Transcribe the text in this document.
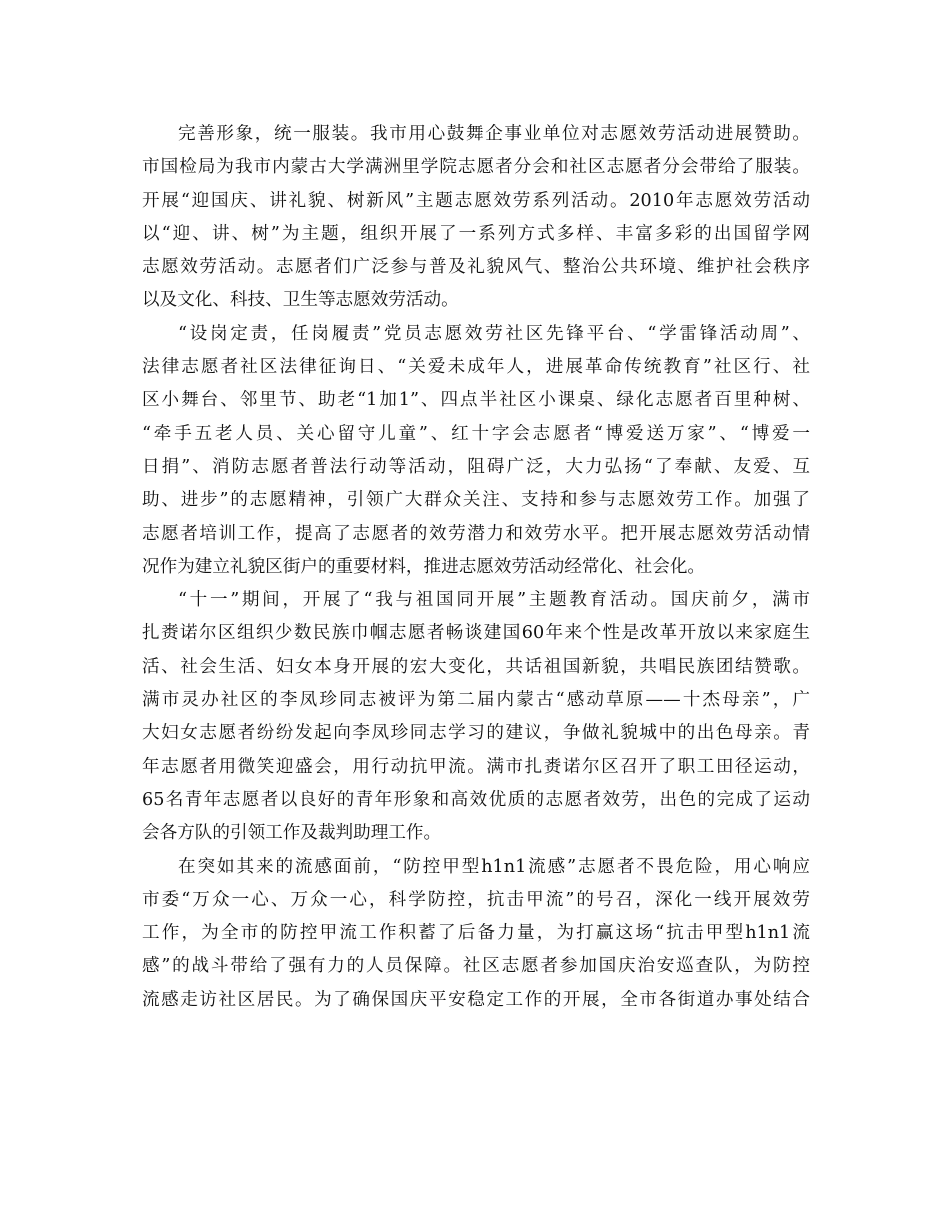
完善形象，统一服装。我市用心鼓舞企事业单位对志愿效劳活动进展赞助。
市国检局为我市内蒙古大学满洲里学院志愿者分会和社区志愿者分会带给了服装。
开展“迎国庆、讲礼貌、树新风”主题志愿效劳系列活动。2010年志愿效劳活动
以“迎、讲、树”为主题，组织开展了一系列方式多样、丰富多彩的出国留学网
志愿效劳活动。志愿者们广泛参与普及礼貌风气、整治公共环境、维护社会秩序
以及文化、科技、卫生等志愿效劳活动。
“设岗定责，任岗履责”党员志愿效劳社区先锋平台、“学雷锋活动周”、
法律志愿者社区法律征询日、“关爱未成年人，进展革命传统教育”社区行、社
区小舞台、邻里节、助老“1加1”、四点半社区小课桌、绿化志愿者百里种树、
“牵手五老人员、关心留守儿童”、红十字会志愿者“博爱送万家”、“博爱一
日捐”、消防志愿者普法行动等活动，阻碍广泛，大力弘扬“了奉献、友爱、互
助、进步”的志愿精神，引领广大群众关注、支持和参与志愿效劳工作。加强了
志愿者培训工作，提高了志愿者的效劳潜力和效劳水平。把开展志愿效劳活动情
况作为建立礼貌区街户的重要材料，推进志愿效劳活动经常化、社会化。
“十一”期间，开展了“我与祖国同开展”主题教育活动。国庆前夕，满市
扎赉诺尔区组织少数民族巾帼志愿者畅谈建国60年来个性是改革开放以来家庭生
活、社会生活、妇女本身开展的宏大变化，共话祖国新貌，共唱民族团结赞歌。
满市灵办社区的李凤珍同志被评为第二届内蒙古“感动草原——十杰母亲”，广
大妇女志愿者纷纷发起向李凤珍同志学习的建议，争做礼貌城中的出色母亲。青
年志愿者用微笑迎盛会，用行动抗甲流。满市扎赉诺尔区召开了职工田径运动，
65名青年志愿者以良好的青年形象和高效优质的志愿者效劳，出色的完成了运动
会各方队的引领工作及裁判助理工作。
在突如其来的流感面前，“防控甲型h1n1流感”志愿者不畏危险，用心响应
市委“万众一心、万众一心，科学防控，抗击甲流”的号召，深化一线开展效劳
工作，为全市的防控甲流工作积蓄了后备力量，为打赢这场“抗击甲型h1n1流
感”的战斗带给了强有力的人员保障。社区志愿者参加国庆治安巡查队，为防控
流感走访社区居民。为了确保国庆平安稳定工作的开展，全市各街道办事处结合
